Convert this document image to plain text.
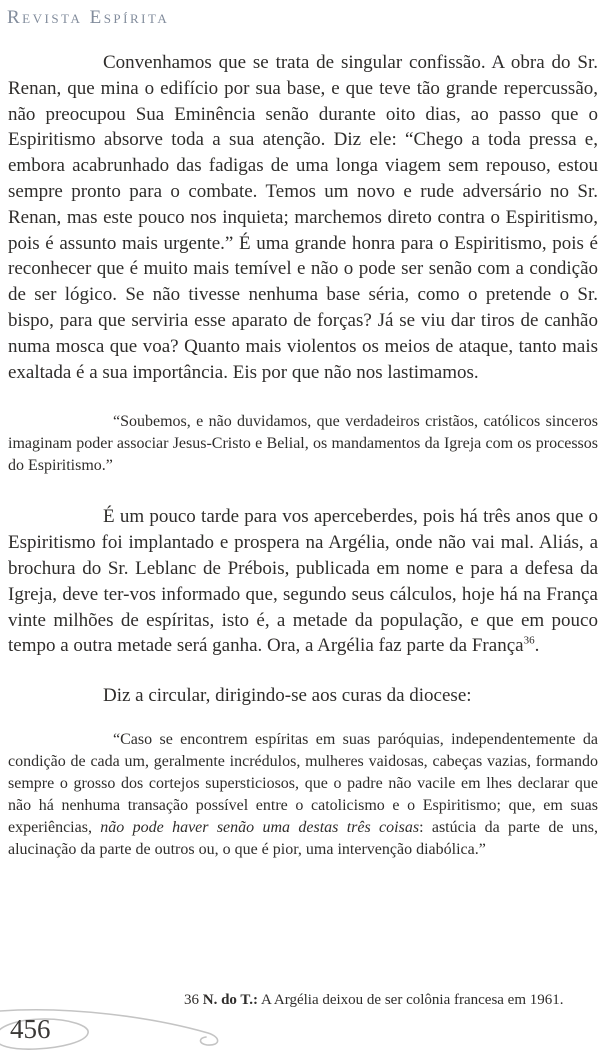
Revista Espírita

Convenhamos que se trata de singular confissão. A obra do Sr. Renan, que mina o edifício por sua base, e que teve tão grande repercussão, não preocupou Sua Eminência senão durante oito dias, ao passo que o Espiritismo absorve toda a sua atenção. Diz ele: “Chego a toda pressa e, embora acabrunhado das fadigas de uma longa viagem sem repouso, estou sempre pronto para o combate. Temos um novo e rude adversário no Sr. Renan, mas este pouco nos inquieta; marchemos direto contra o Espiritismo, pois é assunto mais urgente.” É uma grande honra para o Espiritismo, pois é reconhecer que é muito mais temível e não o pode ser senão com a condição de ser lógico. Se não tivesse nenhuma base séria, como o pretende o Sr. bispo, para que serviria esse aparato de forças? Já se viu dar tiros de canhão numa mosca que voa? Quanto mais violentos os meios de ataque, tanto mais exaltada é a sua importância. Eis por que não nos lastimamos.

“Soubemos, e não duvidamos, que verdadeiros cristãos, católicos sinceros imaginam poder associar Jesus-Cristo e Belial, os mandamentos da Igreja com os processos do Espiritismo.”

É um pouco tarde para vos aperceberdes, pois há três anos que o Espiritismo foi implantado e prospera na Argélia, onde não vai mal. Aliás, a brochura do Sr. Leblanc de Prébois, publicada em nome e para a defesa da Igreja, deve ter-vos informado que, segundo seus cálculos, hoje há na França vinte milhões de espíritas, isto é, a metade da população, e que em pouco tempo a outra metade será ganha. Ora, a Argélia faz parte da França$^{36}$.

Diz a circular, dirigindo-se aos curas da diocese:

“Caso se encontrem espíritas em suas paróquias, independentemente da condição de cada um, geralmente incrédulos, mulheres vaidosas, cabeças vazias, formando sempre o grosso dos cortejos supersticiosos, que o padre não vacile em lhes declarar que não há nenhuma transação possível entre o catolicismo e o Espiritismo; que, em suas experiências, não pode haver senão uma destas três coisas: astúcia da parte de uns, alucinação da parte de outros ou, o que é pior, uma intervenção diabólica.”

36 N. do T.: A Argélia deixou de ser colônia francesa em 1961.
456
